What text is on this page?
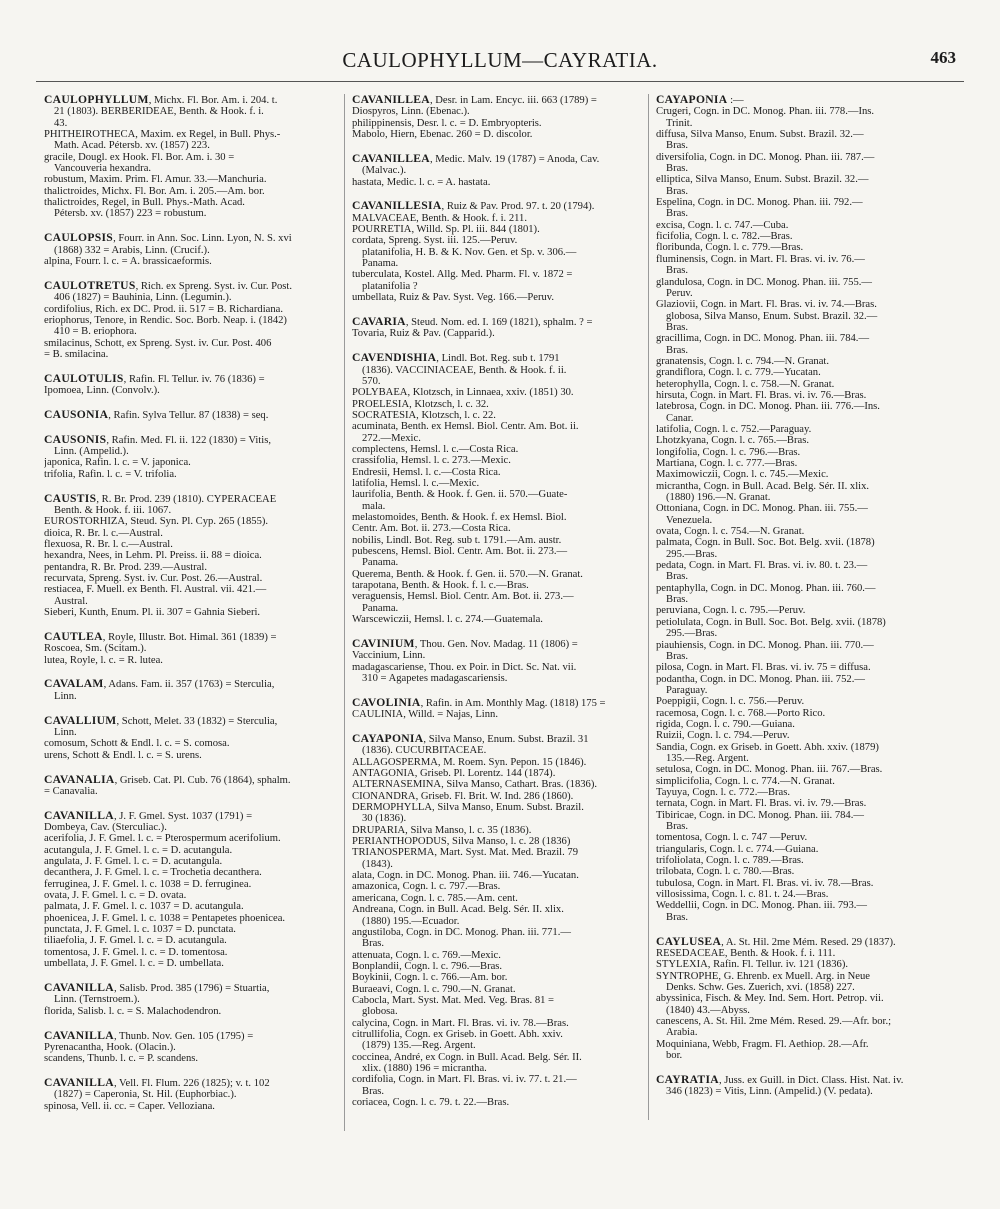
CAULOPHYLLUM—CAYRATIA.	463
CAULOPHYLLUM, Michx. Fl. Bor. Am. i. 204. t.
21 (1803). BERBERIDEAE, Benth. & Hook. f. i.
43.
PHITHEIROTHECA, Maxim. ex Regel, in Bull. Phys.-
Math. Acad. Pétersb. xv. (1857) 223.
gracile, Dougl. ex Hook. Fl. Bor. Am. i. 30 =
Vancouveria hexandra.
robustum, Maxim. Prim. Fl. Amur. 33.—Manchuria.
thalictroides, Michx. Fl. Bor. Am. i. 205.—Am. bor.
thalictroides, Regel, in Bull. Phys.-Math. Acad.
Pétersb. xv. (1857) 223 = robustum.
CAULOPSIS, Fourr. in Ann. Soc. Linn. Lyon, N. S. xvi
(1868) 332 = Arabis, Linn. (Crucif.).
alpina, Fourr. l. c. = A. brassicaeformis.
CAULOTRETUS, Rich. ex Spreng. Syst. iv. Cur. Post.
406 (1827) = Bauhinia, Linn. (Legumin.).
cordifolius, Rich. ex DC. Prod. ii. 517 = B. Richardiana.
eriophorus, Tenore, in Rendic. Soc. Borb. Neap. i. (1842)
410 = B. eriophora.
smilacinus, Schott, ex Spreng. Syst. iv. Cur. Post. 406
= B. smilacina.
CAULOTULIS, Rafin. Fl. Tellur. iv. 76 (1836) =
Ipomoea, Linn. (Convolv.).
CAUSONIA, Rafin. Sylva Tellur. 87 (1838) = seq.
CAUSONIS, Rafin. Med. Fl. ii. 122 (1830) = Vitis,
Linn. (Ampelid.).
japonica, Rafin. l. c. = V. japonica.
trifolia, Rafin. l. c. = V. trifolia.
CAUSTIS, R. Br. Prod. 239 (1810). CYPERACEAE
Benth. & Hook. f. iii. 1067.
EUROSTORHIZA, Steud. Syn. Pl. Cyp. 265 (1855).
dioica, R. Br. l. c.—Austral.
flexuosa, R. Br. l. c.—Austral.
hexandra, Nees, in Lehm. Pl. Preiss. ii. 88 = dioica.
pentandra, R. Br. Prod. 239.—Austral.
recurvata, Spreng. Syst. iv. Cur. Post. 26.—Austral.
restiacea, F. Muell. ex Benth. Fl. Austral. vii. 421.—
Austral.
Sieberi, Kunth, Enum. Pl. ii. 307 = Gahnia Sieberi.
CAUTLEA, Royle, Illustr. Bot. Himal. 361 (1839) =
Roscoea, Sm. (Scitam.).
lutea, Royle, l. c. = R. lutea.
CAVALAM, Adans. Fam. ii. 357 (1763) = Sterculia,
Linn.
CAVALLIUM, Schott, Melet. 33 (1832) = Sterculia,
Linn.
comosum, Schott & Endl. l. c. = S. comosa.
urens, Schott & Endl. l. c. = S. urens.
CAVANALIA, Griseb. Cat. Pl. Cub. 76 (1864), sphalm.
= Canavalia.
CAVANILLA, J. F. Gmel. Syst. 1037 (1791) =
Dombeya, Cav. (Sterculiac.).
acerifolia, J. F. Gmel. l. c. = Pterospermum acerifolium.
acutangula, J. F. Gmel. l. c. = D. acutangula.
angulata, J. F. Gmel. l. c. = D. acutangula.
decanthera, J. F. Gmel. l. c. = Trochetia decanthera.
ferruginea, J. F. Gmel. l. c. 1038 = D. ferruginea.
ovata, J. F. Gmel. l. c. = D. ovata.
palmata, J. F. Gmel. l. c. 1037 = D. acutangula.
phoenicea, J. F. Gmel. l. c. 1038 = Pentapetes phoenicea.
punctata, J. F. Gmel. l. c. 1037 = D. punctata.
tiliaefolia, J. F. Gmel. l. c. = D. acutangula.
tomentosa, J. F. Gmel. l. c. = D. tomentosa.
umbellata, J. F. Gmel. l. c. = D. umbellata.
CAVANILLA, Salisb. Prod. 385 (1796) = Stuartia,
Linn. (Ternstroem.).
florida, Salisb. l. c. = S. Malachodendron.
CAVANILLA, Thunb. Nov. Gen. 105 (1795) =
Pyrenacantha, Hook. (Olacin.).
scandens, Thunb. l. c. = P. scandens.
CAVANILLA, Vell. Fl. Flum. 226 (1825); v. t. 102
(1827) = Caperonia, St. Hil. (Euphorbiac.).
spinosa, Vell. ii. cc. = Caper. Velloziana.
CAVANILLEA, Desr. in Lam. Encyc. iii. 663 (1789) =
Diospyros, Linn. (Ebenac.).
philippinensis, Desr. l. c. = D. Embryopteris.
Mabolo, Hiern, Ebenac. 260 = D. discolor.
CAVANILLEA, Medic. Malv. 19 (1787) = Anoda, Cav.
(Malvac.).
hastata, Medic. l. c. = A. hastata.
CAVANILLESIA, Ruiz & Pav. Prod. 97. t. 20 (1794).
MALVACEAE, Benth. & Hook. f. i. 211.
POURRETIA, Willd. Sp. Pl. iii. 844 (1801).
cordata, Spreng. Syst. iii. 125.—Peruv.
platanifolia, H. B. & K. Nov. Gen. et Sp. v. 306.—
Panama.
tuberculata, Kostel. Allg. Med. Pharm. Fl. v. 1872 =
platanifolia ?
umbellata, Ruiz & Pav. Syst. Veg. 166.—Peruv.
CAVARIA, Steud. Nom. ed. I. 169 (1821), sphalm. ? =
Tovaria, Ruiz & Pav. (Capparid.).
CAVENDISHIA, Lindl. Bot. Reg. sub t. 1791
(1836). VACCINIACEAE, Benth. & Hook. f. ii.
570.
POLYBAEA, Klotzsch, in Linnaea, xxiv. (1851) 30.
PROELESIA, Klotzsch, l. c. 32.
SOCRATESIA, Klotzsch, l. c. 22.
acuminata, Benth. ex Hemsl. Biol. Centr. Am. Bot. ii.
272.—Mexic.
complectens, Hemsl. l. c.—Costa Rica.
crassifolia, Hemsl. l. c. 273.—Mexic.
Endresii, Hemsl. l. c.—Costa Rica.
latifolia, Hemsl. l. c.—Mexic.
laurifolia, Benth. & Hook. f. Gen. ii. 570.—Guate-
mala.
melastomoides, Benth. & Hook. f. ex Hemsl. Biol.
Centr. Am. Bot. ii. 273.—Costa Rica.
nobilis, Lindl. Bot. Reg. sub t. 1791.—Am. austr.
pubescens, Hemsl. Biol. Centr. Am. Bot. ii. 273.—
Panama.
Querema, Benth. & Hook. f. Gen. ii. 570.—N. Granat.
tarapotana, Benth. & Hook. f. l. c.—Bras.
veraguensis, Hemsl. Biol. Centr. Am. Bot. ii. 273.—
Panama.
Warscewiczii, Hemsl. l. c. 274.—Guatemala.
CAVINIUM, Thou. Gen. Nov. Madag. 11 (1806) =
Vaccinium, Linn.
madagascariense, Thou. ex Poir. in Dict. Sc. Nat. vii.
310 = Agapetes madagascariensis.
CAVOLINIA, Rafin. in Am. Monthly Mag. (1818) 175 =
CAULINIA, Willd. = Najas, Linn.
CAYAPONIA, Silva Manso, Enum. Subst. Brazil. 31
(1836). CUCURBITACEAE.
ALLAGOSPERMA, M. Roem. Syn. Pepon. 15 (1846).
ANTAGONIA, Griseb. Pl. Lorentz. 144 (1874).
ALTERNASEMINA, Silva Manso, Cathart. Bras. (1836).
CIONANDRA, Griseb. Fl. Brit. W. Ind. 286 (1860).
DERMOPHYLLA, Silva Manso, Enum. Subst. Brazil.
30 (1836).
DRUPARIA, Silva Manso, l. c. 35 (1836).
PERIANTHOPODUS, Silva Manso, l. c. 28 (1836)
TRIANOSPERMA, Mart. Syst. Mat. Med. Brazil. 79
(1843).
alata, Cogn. in DC. Monog. Phan. iii. 746.—Yucatan.
amazonica, Cogn. l. c. 797.—Bras.
americana, Cogn. l. c. 785.—Am. cent.
Andreana, Cogn. in Bull. Acad. Belg. Sér. II. xlix.
(1880) 195.—Ecuador.
angustiloba, Cogn. in DC. Monog. Phan. iii. 771.—
Bras.
attenuata, Cogn. l. c. 769.—Mexic.
Bonplandii, Cogn. l. c. 796.—Bras.
Boykinii, Cogn. l. c. 766.—Am. bor.
Buraeavi, Cogn. l. c. 790.—N. Granat.
Cabocla, Mart. Syst. Mat. Med. Veg. Bras. 81 =
globosa.
calycina, Cogn. in Mart. Fl. Bras. vi. iv. 78.—Bras.
citrullifolia, Cogn. ex Griseb. in Goett. Abh. xxiv.
(1879) 135.—Reg. Argent.
coccinea, André, ex Cogn. in Bull. Acad. Belg. Sér. II.
xlix. (1880) 196 = micrantha.
cordifolia, Cogn. in Mart. Fl. Bras. vi. iv. 77. t. 21.—
Bras.
coriacea, Cogn. l. c. 79. t. 22.—Bras.
CAYAPONIA :—
Crugeri, Cogn. in DC. Monog. Phan. iii. 778.—Ins.
Trinit.
diffusa, Silva Manso, Enum. Subst. Brazil. 32.—
Bras.
diversifolia, Cogn. in DC. Monog. Phan. iii. 787.—
Bras.
elliptica, Silva Manso, Enum. Subst. Brazil. 32.—
Bras.
Espelina, Cogn. in DC. Monog. Phan. iii. 792.—
Bras.
excisa, Cogn. l. c. 747.—Cuba.
ficifolia, Cogn. l. c. 782.—Bras.
floribunda, Cogn. l. c. 779.—Bras.
fluminensis, Cogn. in Mart. Fl. Bras. vi. iv. 76.—
Bras.
glandulosa, Cogn. in DC. Monog. Phan. iii. 755.—
Peruv.
Glaziovii, Cogn. in Mart. Fl. Bras. vi. iv. 74.—Bras.
globosa, Silva Manso, Enum. Subst. Brazil. 32.—
Bras.
gracillima, Cogn. in DC. Monog. Phan. iii. 784.—
Bras.
granatensis, Cogn. l. c. 794.—N. Granat.
grandiflora, Cogn. l. c. 779.—Yucatan.
heterophylla, Cogn. l. c. 758.—N. Granat.
hirsuta, Cogn. in Mart. Fl. Bras. vi. iv. 76.—Bras.
latebrosa, Cogn. in DC. Monog. Phan. iii. 776.—Ins.
Canar.
latifolia, Cogn. l. c. 752.—Paraguay.
Lhotzkyana, Cogn. l. c. 765.—Bras.
longifolia, Cogn. l. c. 796.—Bras.
Martiana, Cogn. l. c. 777.—Bras.
Maximowiczii, Cogn. l. c. 745.—Mexic.
micrantha, Cogn. in Bull. Acad. Belg. Sér. II. xlix.
(1880) 196.—N. Granat.
Ottoniana, Cogn. in DC. Monog. Phan. iii. 755.—
Venezuela.
ovata, Cogn. l. c. 754.—N. Granat.
palmata, Cogn. in Bull. Soc. Bot. Belg. xvii. (1878)
295.—Bras.
pedata, Cogn. in Mart. Fl. Bras. vi. iv. 80. t. 23.—
Bras.
pentaphylla, Cogn. in DC. Monog. Phan. iii. 760.—
Bras.
peruviana, Cogn. l. c. 795.—Peruv.
petiolulata, Cogn. in Bull. Soc. Bot. Belg. xvii. (1878)
295.—Bras.
piauhiensis, Cogn. in DC. Monog. Phan. iii. 770.—
Bras.
pilosa, Cogn. in Mart. Fl. Bras. vi. iv. 75 = diffusa.
podantha, Cogn. in DC. Monog. Phan. iii. 752.—
Paraguay.
Poeppigii, Cogn. l. c. 756.—Peruv.
racemosa, Cogn. l. c. 768.—Porto Rico.
rigida, Cogn. l. c. 790.—Guiana.
Ruizii, Cogn. l. c. 794.—Peruv.
Sandia, Cogn. ex Griseb. in Goett. Abh. xxiv. (1879)
135.—Reg. Argent.
setulosa, Cogn. in DC. Monog. Phan. iii. 767.—Bras.
simplicifolia, Cogn. l. c. 774.—N. Granat.
Tayuya, Cogn. l. c. 772.—Bras.
ternata, Cogn. in Mart. Fl. Bras. vi. iv. 79.—Bras.
Tibiricae, Cogn. in DC. Monog. Phan. iii. 784.—
Bras.
tomentosa, Cogn. l. c. 747 —Peruv.
triangularis, Cogn. l. c. 774.—Guiana.
trifoliolata, Cogn. l. c. 789.—Bras.
trilobata, Cogn. l. c. 780.—Bras.
tubulosa, Cogn. in Mart. Fl. Bras. vi. iv. 78.—Bras.
villosissima, Cogn. l. c. 81. t. 24.—Bras.
Weddellii, Cogn. in DC. Monog. Phan. iii. 793.—
Bras.
CAYLUSEA, A. St. Hil. 2me Mém. Resed. 29 (1837).
RESEDACEAE, Benth. & Hook. f. i. 111.
STYLEXIA, Rafin. Fl. Tellur. iv. 121 (1836).
SYNTROPHE, G. Ehrenb. ex Muell. Arg. in Neue
Denks. Schw. Ges. Zuerich, xvi. (1858) 227.
abyssinica, Fisch. & Mey. Ind. Sem. Hort. Petrop. vii.
(1840) 43.—Abyss.
canescens, A. St. Hil. 2me Mém. Resed. 29.—Afr. bor.;
Arabia.
Moquiniana, Webb, Fragm. Fl. Aethiop. 28.—Afr.
bor.
CAYRATIA, Juss. ex Guill. in Dict. Class. Hist. Nat. iv.
346 (1823) = Vitis, Linn. (Ampelid.) (V. pedata).
